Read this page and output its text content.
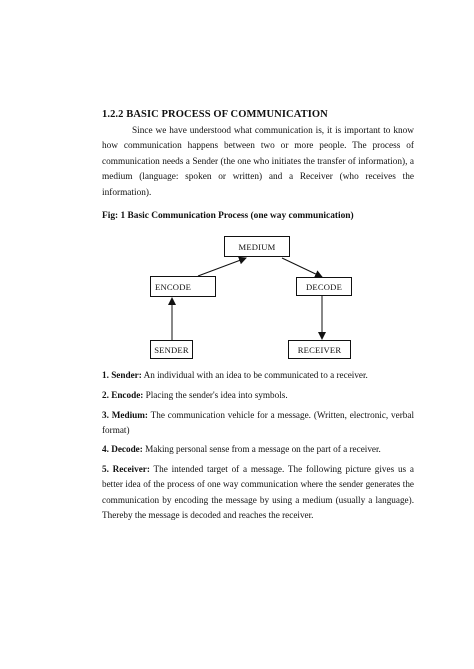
1.2.2 BASIC PROCESS OF COMMUNICATION
Since we have understood what communication is, it is important to know how communication happens between two or more people. The process of communication needs a Sender (the one who initiates the transfer of information), a medium (language: spoken or written) and a Receiver (who receives the information).
Fig: 1 Basic Communication Process (one way communication)
MEDIUM
ENCODE	DECODE
SENDER	RECEIVER
1. Sender: An individual with an idea to be communicated to a receiver.
2. Encode: Placing the sender's idea into symbols.
3. Medium: The communication vehicle for a message. (Written, electronic, verbal format)
4. Decode: Making personal sense from a message on the part of a receiver.
5. Receiver: The intended target of a message. The following picture gives us a better idea of the process of one way communication where the sender generates the communication by encoding the message by using a medium (usually a language). Thereby the message is decoded and reaches the receiver.
